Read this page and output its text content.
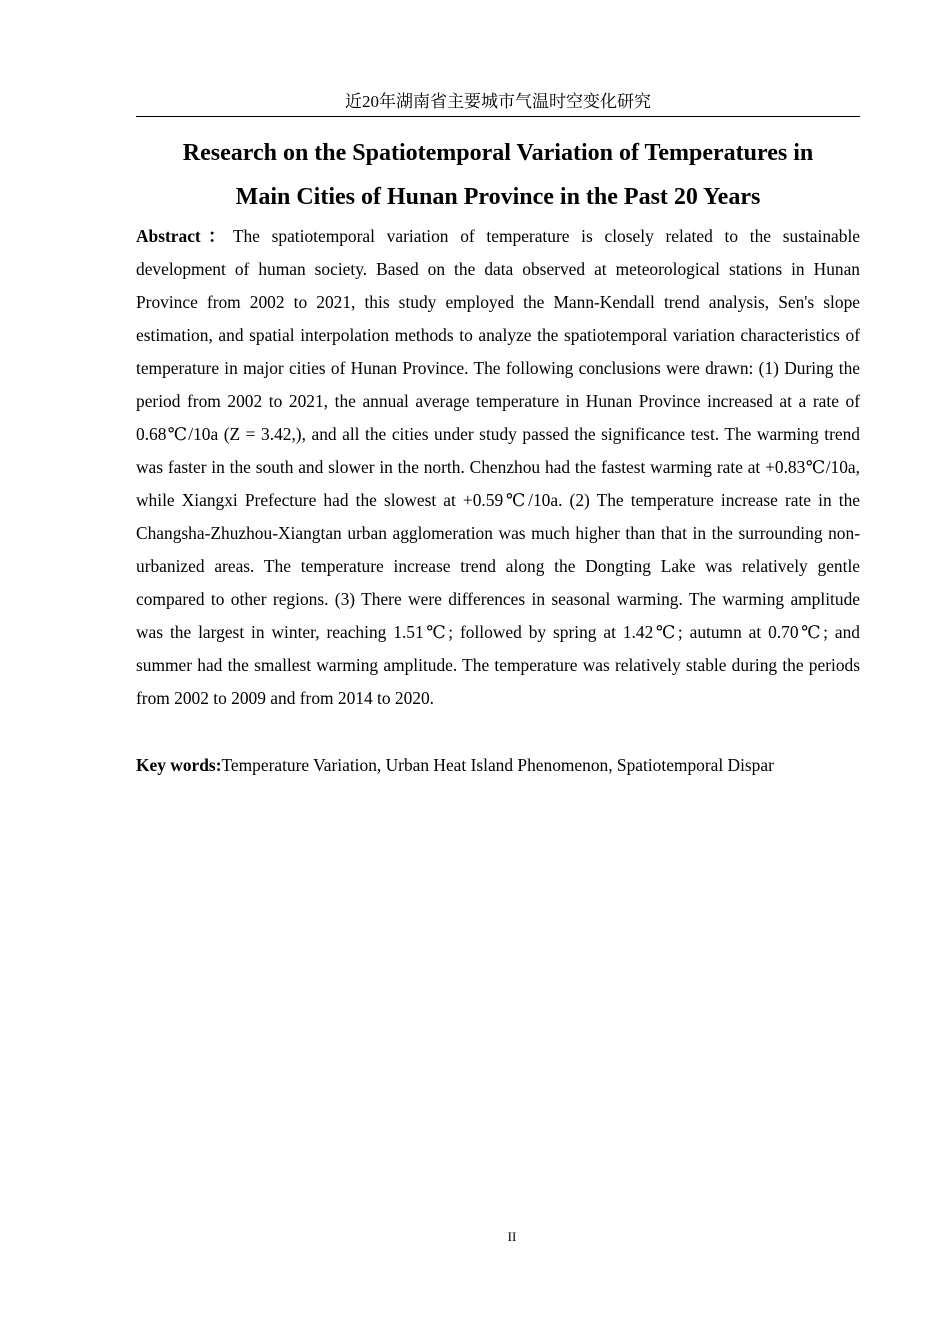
近20年湖南省主要城市气温时空变化研究
Research on the Spatiotemporal Variation of Temperatures in
Main Cities of Hunan Province in the Past 20 Years

Abstract：The spatiotemporal variation of temperature is closely related to the sustainable development of human society. Based on the data observed at meteorological stations in Hunan Province from 2002 to 2021, this study employed the Mann-Kendall trend analysis, Sen's slope estimation, and spatial interpolation methods to analyze the spatiotemporal variation characteristics of temperature in major cities of Hunan Province. The following conclusions were drawn: (1) During the period from 2002 to 2021, the annual average temperature in Hunan Province increased at a rate of 0.68℃/10a (Z = 3.42,), and all the cities under study passed the significance test. The warming trend was faster in the south and slower in the north. Chenzhou had the fastest warming rate at +0.83℃/10a, while Xiangxi Prefecture had the slowest at +0.59℃/10a. (2) The temperature increase rate in the Changsha-Zhuzhou-Xiangtan urban agglomeration was much higher than that in the surrounding non-urbanized areas. The temperature increase trend along the Dongting Lake was relatively gentle compared to other regions. (3) There were differences in seasonal warming. The warming amplitude was the largest in winter, reaching 1.51℃; followed by spring at 1.42℃; autumn at 0.70℃; and summer had the smallest warming amplitude. The temperature was relatively stable during the periods from 2002 to 2009 and from 2014 to 2020.

Key words:Temperature Variation, Urban Heat Island Phenomenon, Spatiotemporal Dispar

II
